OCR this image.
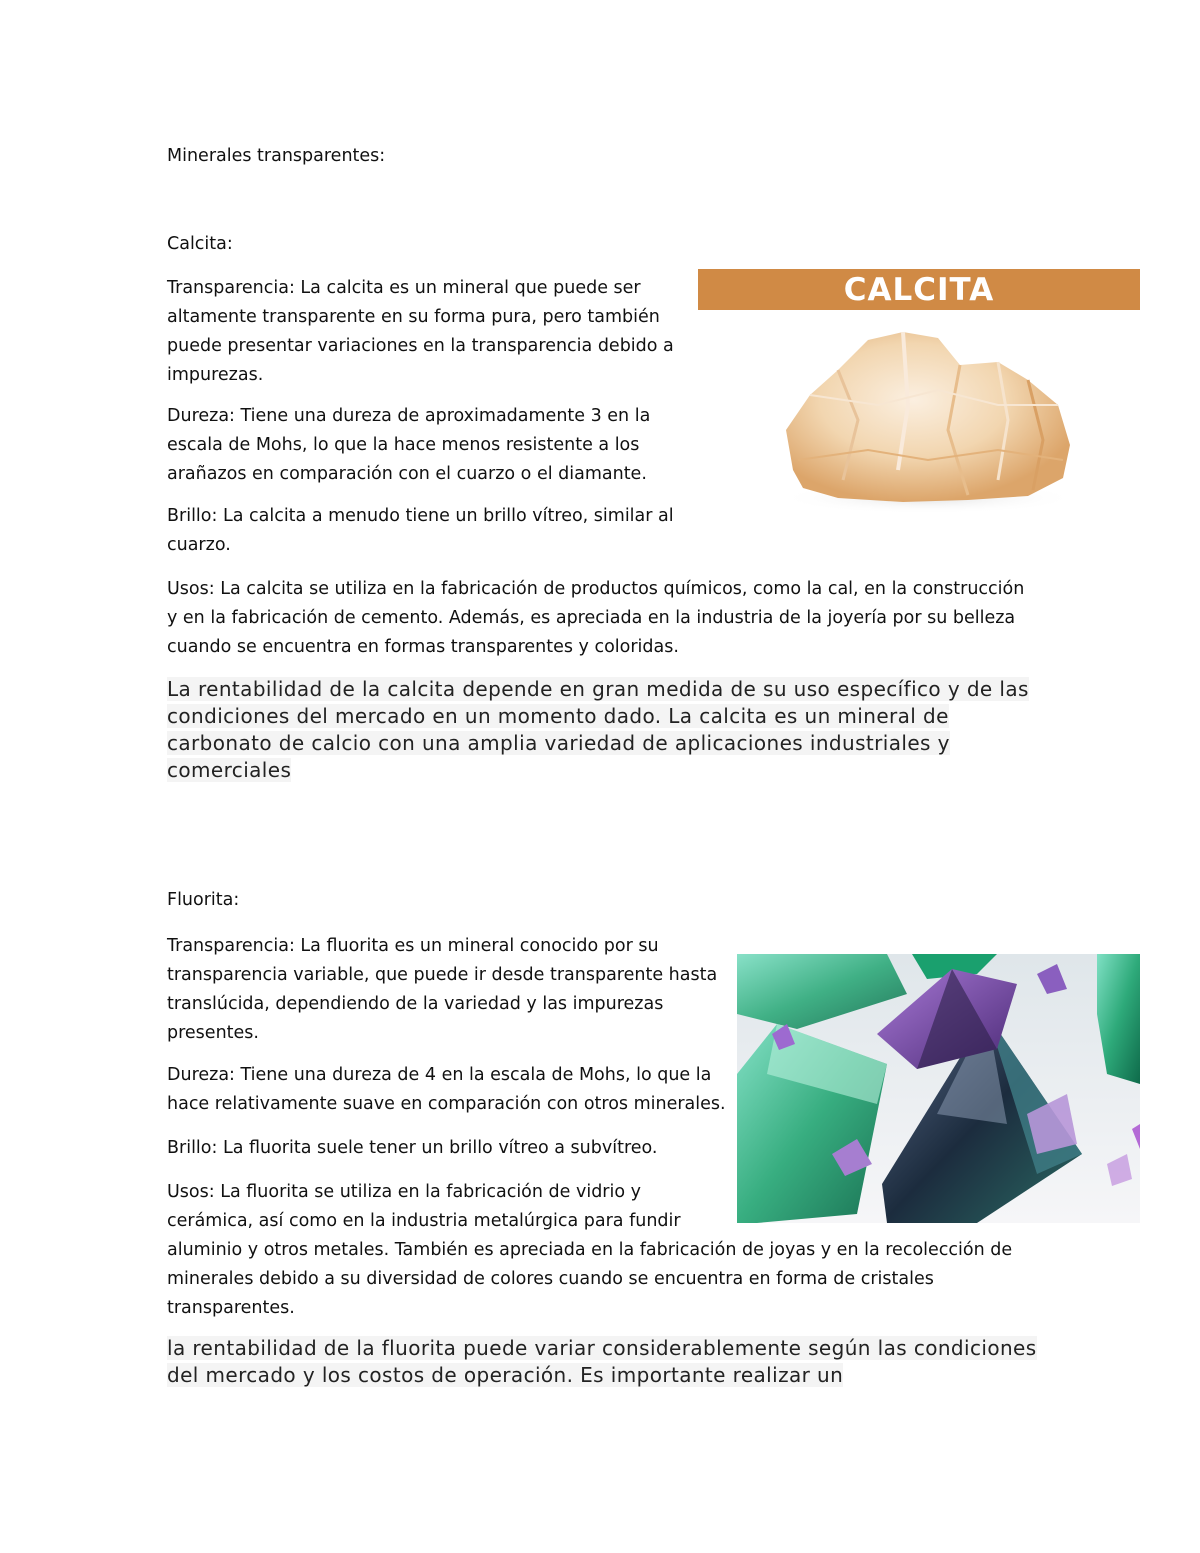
Minerales transparentes:

Calcita:

Transparencia: La calcita es un mineral que puede ser altamente transparente en su forma pura, pero también puede presentar variaciones en la transparencia debido a impurezas.

Dureza: Tiene una dureza de aproximadamente 3 en la escala de Mohs, lo que la hace menos resistente a los arañazos en comparación con el cuarzo o el diamante.

Brillo: La calcita a menudo tiene un brillo vítreo, similar al cuarzo.

Usos: La calcita se utiliza en la fabricación de productos químicos, como la cal, en la construcción y en la fabricación de cemento. Además, es apreciada en la industria de la joyería por su belleza cuando se encuentra en formas transparentes y coloridas.

La rentabilidad de la calcita depende en gran medida de su uso específico y de las condiciones del mercado en un momento dado. La calcita es un mineral de carbonato de calcio con una amplia variedad de aplicaciones industriales y comerciales

CALCITA

Fluorita:

Transparencia: La fluorita es un mineral conocido por su transparencia variable, que puede ir desde transparente hasta translúcida, dependiendo de la variedad y las impurezas presentes.

Dureza: Tiene una dureza de 4 en la escala de Mohs, lo que la hace relativamente suave en comparación con otros minerales.

Brillo: La fluorita suele tener un brillo vítreo a subvítreo.

Usos: La fluorita se utiliza en la fabricación de vidrio y cerámica, así como en la industria metalúrgica para fundir aluminio y otros metales. También es apreciada en la fabricación de joyas y en la recolección de minerales debido a su diversidad de colores cuando se encuentra en forma de cristales transparentes.

la rentabilidad de la fluorita puede variar considerablemente según las condiciones del mercado y los costos de operación. Es importante realizar un
